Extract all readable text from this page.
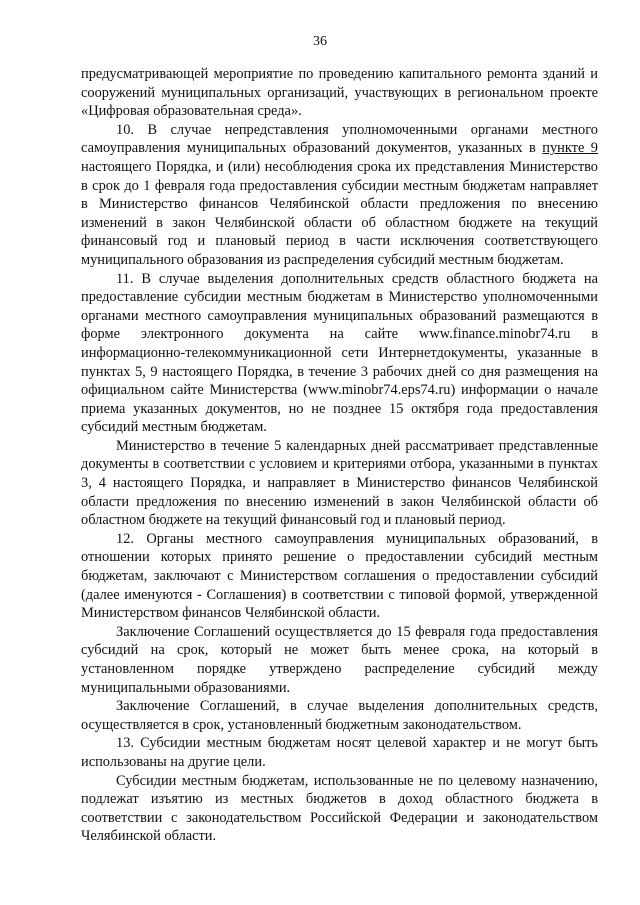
36

предусматривающей мероприятие по проведению капитального ремонта зданий и сооружений муниципальных организаций, участвующих в региональном проекте «Цифровая образовательная среда».

10. В случае непредставления уполномоченными органами местного самоуправления муниципальных образований документов, указанных в пункте 9 настоящего Порядка, и (или) несоблюдения срока их представления Министерство в срок до 1 февраля года предоставления субсидии местным бюджетам направляет в Министерство финансов Челябинской области предложения по внесению изменений в закон Челябинской области об областном бюджете на текущий финансовый год и плановый период в части исключения соответствующего муниципального образования из распределения субсидий местным бюджетам.

11. В случае выделения дополнительных средств областного бюджета на предоставление субсидии местным бюджетам в Министерство уполномоченными органами местного самоуправления муниципальных образований размещаются в форме электронного документа на сайте www.finance.minobr74.ru в информационно-телекоммуникационной сети Интернетдокументы, указанные в пунктах 5, 9 настоящего Порядка, в течение 3 рабочих дней со дня размещения на официальном сайте Министерства (www.minobr74.eps74.ru) информации о начале приема указанных документов, но не позднее 15 октября года предоставления субсидий местным бюджетам.

Министерство в течение 5 календарных дней рассматривает представленные документы в соответствии с условием и критериями отбора, указанными в пунктах 3, 4 настоящего Порядка, и направляет в Министерство финансов Челябинской области предложения по внесению изменений в закон Челябинской области об областном бюджете на текущий финансовый год и плановый период.

12. Органы местного самоуправления муниципальных образований, в отношении которых принято решение о предоставлении субсидий местным бюджетам, заключают с Министерством соглашения о предоставлении субсидий (далее именуются - Соглашения) в соответствии с типовой формой, утвержденной Министерством финансов Челябинской области.

Заключение Соглашений осуществляется до 15 февраля года предоставления субсидий на срок, который не может быть менее срока, на который в установленном порядке утверждено распределение субсидий между муниципальными образованиями.

Заключение Соглашений, в случае выделения дополнительных средств, осуществляется в срок, установленный бюджетным законодательством.

13. Субсидии местным бюджетам носят целевой характер и не могут быть использованы на другие цели.

Субсидии местным бюджетам, использованные не по целевому назначению, подлежат изъятию из местных бюджетов в доход областного бюджета в соответствии с законодательством Российской Федерации и законодательством Челябинской области.
